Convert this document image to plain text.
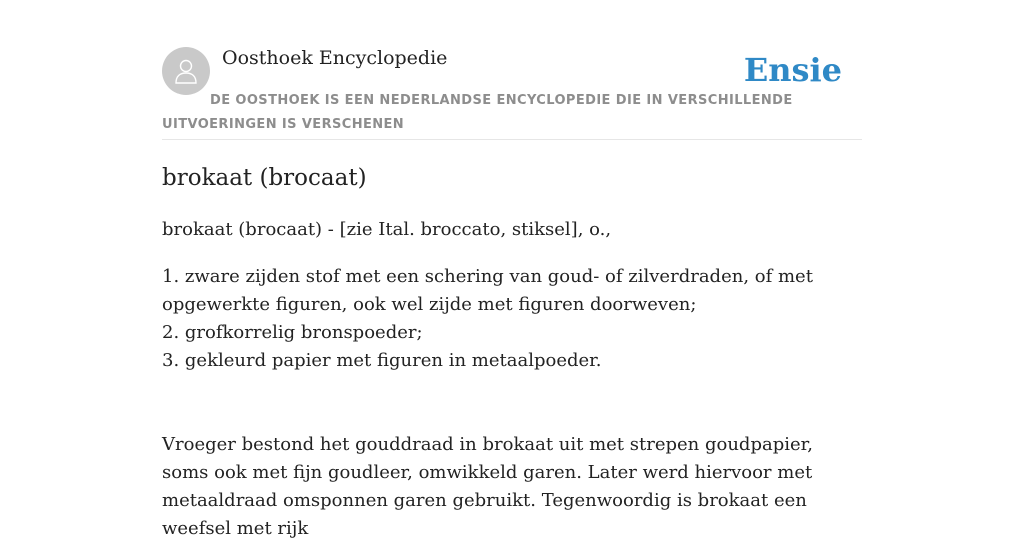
Oosthoek Encyclopedie	Ensie
DE OOSTHOEK IS EEN NEDERLANDSE ENCYCLOPEDIE DIE IN VERSCHILLENDE UITVOERINGEN IS VERSCHENEN
brokaat (brocaat)

brokaat (brocaat) - [zie Ital. broccato, stiksel], o.,

1. zware zijden stof met een schering van goud- of zilverdraden, of met opgewerkte figuren, ook wel zijde met figuren doorweven;
2. grofkorrelig bronspoeder;
3. gekleurd papier met figuren in metaalpoeder.

Vroeger bestond het gouddraad in brokaat uit met strepen goudpapier, soms ook met fijn goudleer, omwikkeld garen. Later werd hiervoor met metaaldraad omsponnen garen gebruikt. Tegenwoordig is brokaat een weefsel met rijk
